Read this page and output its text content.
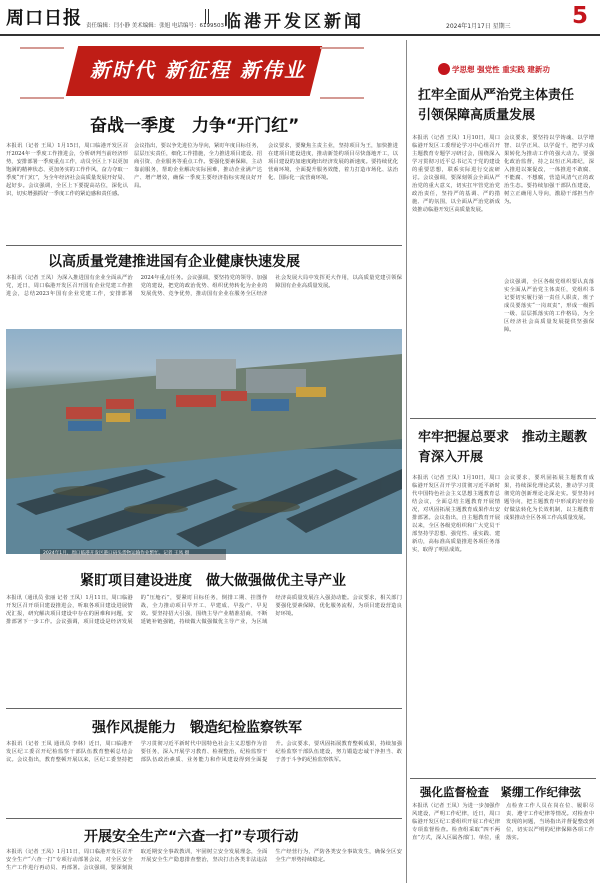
周口日报 责任编辑：闫小静 美术编辑：张旭 电话编号：6199503 临港开发区新闻	2024年1月17日 星期三	5
新时代 新征程 新伟业
奋战一季度　力争“开门红”
本报讯（记者 王凤）1月15日，周口临港开发区召开2024年一季度工作推进会，分析研判当前经济形势，安排部署一季度重点工作，动员全区上下以更加饱满的精神状态、更加务实的工作作风，奋力夺取一季度“开门红”，为全年经济社会高质量发展开好局、起好步。会议强调，全区上下要提高站位，深化认识，切实增强抓好一季度工作的紧迫感和责任感。
会议指出，要以争先进位为导向，紧盯年度目标任务，层层压实责任，细化工作措施，全力推进项目建设、招商引资、企业服务等重点工作。要强化要素保障，主动靠前服务，帮助企业解决实际困难，推动企业满产达产、增产增效，确保一季度主要经济指标实现良好开局。
会议要求，要聚焦主责主业，坚持项目为王，加快推进在建项目建设进度，推动新签约项目尽快落地开工，以项目建设的加速度跑出经济发展的新速度。要持续优化营商环境，全面提升服务效能，着力打造市场化、法治化、国际化一流营商环境。
以高质量党建推进国有企业健康快速发展
本报讯（记者 王凤）为深入推进国有企业全面从严治党，近日，周口临港开发区召开国有企业党建工作推进会，总结2023年国有企业党建工作，安排部署2024年重点任务。会议强调，要坚持党的领导、加强党的建设，把党的政治优势、组织优势转化为企业的发展优势、竞争优势，推动国有企业在服务全区经济社会发展大局中发挥更大作用，以高质量党建引领保障国有企业高质量发展。
2024年1月，周口临港开发区港口码头货物运输作业繁忙。记者 王凤 摄
紧盯项目建设进度　做大做强做优主导产业
本报讯（通讯员 张丽 记者 王凤）1月11日，周口临港开发区召开项目建设推进会，听取各项目建设进展情况汇报，研究解决项目建设中存在的困难和问题，安排部署下一步工作。会议强调，项目建设是经济发展的“压舱石”，要紧盯目标任务，倒排工期、挂图作战，全力推动项目早开工、早建成、早投产、早见效。要坚持招大引强，围绕主导产业精准招商，不断延链补链强链，持续做大做强做优主导产业，为区域经济高质量发展注入强劲动能。会议要求，相关部门要强化要素保障，优化服务流程，为项目建设营造良好环境。
强作风提能力　锻造纪检监察铁军
本报讯（记者 王凤 通讯员 李林）近日，周口临港开发区纪工委召开纪检监察干部队伍教育整顿总结会议。会议指出，教育整顿开展以来，区纪工委坚持把学习贯彻习近平新时代中国特色社会主义思想作为首要任务，深入开展学习教育、检视整治，纪检监察干部队伍政治素质、业务能力和作风建设得到全面提升。会议要求，要巩固拓展教育整顿成果，持续加强纪检监察干部队伍建设，努力锻造忠诚干净担当、敢于善于斗争的纪检监察铁军。
开展安全生产“六查一打”专项行动
本报讯（记者 王凤）1月11日，周口临港开发区召开安全生产“六查一打”专项行动部署会议，对全区安全生产工作进行再动员、再部署。会议强调，要深刻汲取近期安全事故教训，牢固树立安全发展理念，全面开展安全生产隐患排查整治，坚决打击各类非法违法生产经营行为，严防各类安全事故发生，确保全区安全生产形势持续稳定。
学思想 强党性 重实践 建新功
扛牢全面从严治党主体责任　引领保障高质量发展
本报讯（记者 王凤）1月10日，周口临港开发区工委理论学习中心组召开主题教育专题学习研讨会，围绕深入学习贯彻习近平总书记关于党的建设的重要思想，联系实际进行交流研讨。会议强调，要深刻领会全面从严治党的重大意义，切实扛牢管党治党政治责任，坚持严的基调、严的措施、严的氛围，以全面从严治党新成效推动临港开发区高质量发展。
会议要求，要坚持以学铸魂、以学增智、以学正风、以学促干，把学习成果转化为推动工作的强大动力。要强化政治监督，持之以恒正风肃纪，深入推进以案促改，一体推进不敢腐、不能腐、不想腐，营造风清气正的政治生态。要持续加强干部队伍建设，树立正确用人导向，激励干部担当作为。
会议强调，全区各级党组织要认真落实全面从严治党主体责任，党组织书记要切实履行第一责任人职责，班子成员要落实“一岗双责”，形成一级抓一级、层层抓落实的工作格局，为全区经济社会高质量发展提供坚强保障。
牢牢把握总要求　推动主题教育深入开展
本报讯（记者 王凤）1月10日，周口临港开发区召开学习贯彻习近平新时代中国特色社会主义思想主题教育总结会议，全面总结主题教育开展情况，对巩固拓展主题教育成果作出安排部署。会议指出，自主题教育开展以来，全区各级党组织和广大党员干部坚持学思想、强党性、重实践、建新功，高标准高质量推进各项任务落实，取得了明显成效。
会议要求，要巩固拓展主题教育成果，持续深化理论武装，推动学习贯彻党的创新理论走深走实。要坚持问题导向，把主题教育中形成的好经验好做法转化为长效机制，以主题教育成果推动全区各项工作高质量发展。
强化监督检查　紧绷工作纪律弦
本报讯（记者 王凤）为进一步加强作风建设，严明工作纪律，近日，周口临港开发区纪工委组织开展工作纪律专项监督检查。检查组采取“四不两直”方式，深入区属各部门、单位，重点检查工作人员在岗在位、履职尽责、遵守工作纪律等情况。对检查中发现的问题，当场指出并督促整改到位，切实以严明的纪律保障各项工作落实。
